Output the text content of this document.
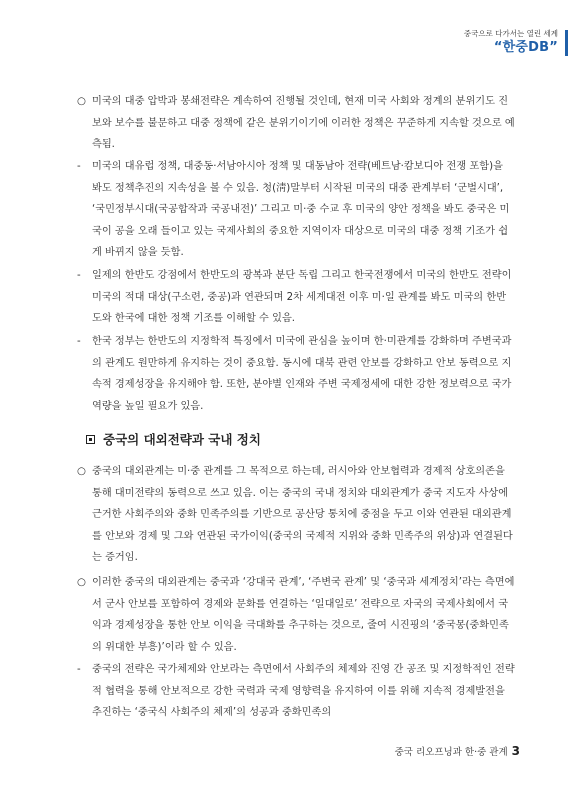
중국으로 다가서는 열린 세계
“한중DB”
○ 미국의 대중 압박과 봉쇄전략은 계속하여 진행될 것인데, 현재 미국 사회와 정계의 분위기도 진보와 보수를 불문하고 대중 정책에 같은 분위기이기에 이러한 정책은 꾸준하게 지속할 것으로 예측됨.
-	미국의 대유럽 정책, 대중동·서남아시아 정책 및 대동남아 전략(베트남·캄보디아 전쟁 포함)을 봐도 정책추진의 지속성을 볼 수 있음. 청(淸)말부터 시작된 미국의 대중 관계부터 ‘군벌시대’, ‘국민정부시대(국공합작과 국공내전)’ 그리고 미·중 수교 후 미국의 양안 정책을 봐도 중국은 미국이 공을 오래 들이고 있는 국제사회의 중요한 지역이자 대상으로 미국의 대중 정책 기조가 쉽게 바뀌지 않을 듯함.
-	일제의 한반도 강점에서 한반도의 광복과 분단 독립 그리고 한국전쟁에서 미국의 한반도 전략이 미국의 적대 대상(구소련, 중공)과 연관되며 2차 세계대전 이후 미·일 관계를 봐도 미국의 한반도와 한국에 대한 정책 기조를 이해할 수 있음.
-	한국 정부는 한반도의 지정학적 특징에서 미국에 관심을 높이며 한·미관계를 강화하며 주변국과의 관계도 원만하게 유지하는 것이 중요함. 동시에 대북 관련 안보를 강화하고 안보 동력으로 지속적 경제성장을 유지해야 함. 또한, 분야별 인재와 주변 국제정세에 대한 강한 정보력으로 국가역량을 높일 필요가 있음.
중국의 대외전략과 국내 정치
○ 중국의 대외관계는 미·중 관계를 그 목적으로 하는데, 러시아와 안보협력과 경제적 상호의존을 통해 대미전략의 동력으로 쓰고 있음. 이는 중국의 국내 정치와 대외관계가 중국 지도자 사상에 근거한 사회주의와 중화 민족주의를 기반으로 공산당 통치에 중점을 두고 이와 연관된 대외관계를 안보와 경제 및 그와 연관된 국가이익(중국의 국제적 지위와 중화 민족주의 위상)과 연결된다는 증거임.
○ 이러한 중국의 대외관계는 중국과 ‘강대국 관계’, ‘주변국 관계’ 및 ‘중국과 세계정치’라는 측면에서 군사 안보를 포함하여 경제와 문화를 연결하는 ‘일대일로’ 전략으로 자국의 국제사회에서 국익과 경제성장을 통한 안보 이익을 극대화를 추구하는 것으로, 줄여 시진핑의 ‘중국몽(중화민족의 위대한 부흥)’이라 할 수 있음.
-	중국의 전략은 국가체제와 안보라는 측면에서 사회주의 체제와 진영 간 공조 및 지정학적인 전략적 협력을 통해 안보적으로 강한 국력과 국제 영향력을 유지하여 이를 위해 지속적 경제발전을 추진하는 ‘중국식 사회주의 체제’의 성공과 중화민족의
중국 리오프닝과 한·중 관계 3
